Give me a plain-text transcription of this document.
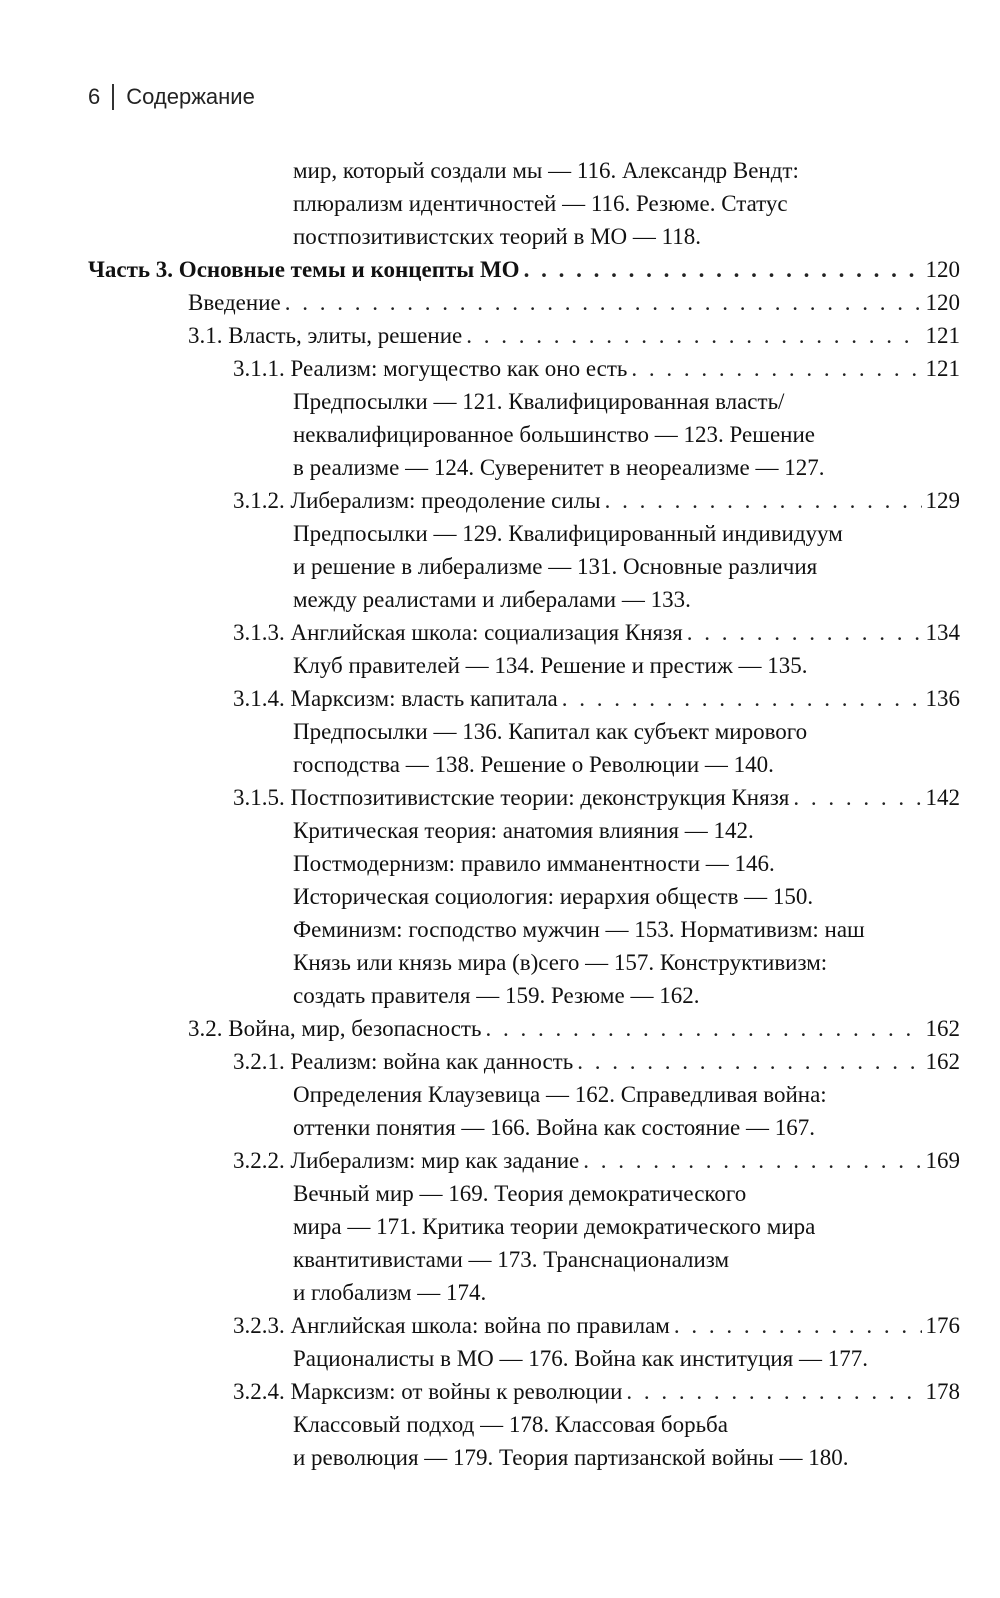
6 Содержание
мир, который создали мы — 116. Александр Вендт:
плюрализм идентичностей — 116. Резюме. Статус
постпозитивистских теорий в МО — 118.
Часть 3. Основные темы и концепты МО . . .	120
Введение . . .	120
3.1. Власть, элиты, решение . . .	121
3.1.1. Реализм: могущество как оно есть . . .	121
Предпосылки — 121. Квалифицированная власть/
неквалифицированное большинство — 123. Решение
в реализме — 124. Суверенитет в неореализме — 127.
3.1.2. Либерализм: преодоление силы . . .	129
Предпосылки — 129. Квалифицированный индивидуум
и решение в либерализме — 131. Основные различия
между реалистами и либералами — 133.
3.1.3. Английская школа: социализация Князя . . .	134
Клуб правителей — 134. Решение и престиж — 135.
3.1.4. Марксизм: власть капитала . . .	136
Предпосылки — 136. Капитал как субъект мирового
господства — 138. Решение о Революции — 140.
3.1.5. Постпозитивистские теории: деконструкция Князя . . .	142
Критическая теория: анатомия влияния — 142.
Постмодернизм: правило имманентности — 146.
Историческая социология: иерархия обществ — 150.
Феминизм: господство мужчин — 153. Нормативизм: наш
Князь или князь мира (в)сего — 157. Конструктивизм:
создать правителя — 159. Резюме — 162.
3.2. Война, мир, безопасность . . .	162
3.2.1. Реализм: война как данность . . .	162
Определения Клаузевица — 162. Справедливая война:
оттенки понятия — 166. Война как состояние — 167.
3.2.2. Либерализм: мир как задание . . .	169
Вечный мир — 169. Теория демократического
мира — 171. Критика теории демократического мира
квантитивистами — 173. Транснационализм
и глобализм — 174.
3.2.3. Английская школа: война по правилам . . .	176
Рационалисты в МО — 176. Война как институция — 177.
3.2.4. Марксизм: от войны к революции . . .	178
Классовый подход — 178. Классовая борьба
и революция — 179. Теория партизанской войны — 180.
